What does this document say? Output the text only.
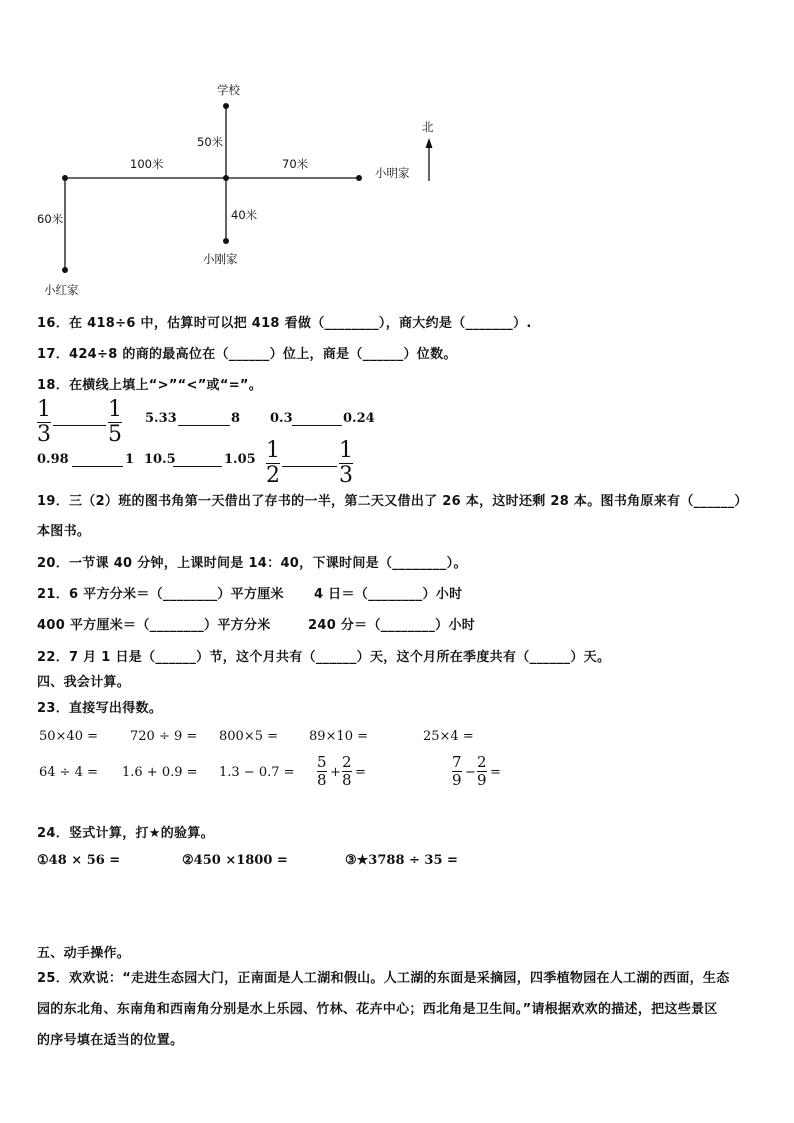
学校
50米
100米	70米
小明家
北
40米
小刚家
60米
小红家
16．在 418÷6 中，估算时可以把 418 看做（________），商大约是（_______）.
17．424÷8 的商的最高位在（______）位上，商是（______）位数。
18．在横线上填上“>”“<”或“=”。
1
3
1
5
5.33	8 0.3	0.24
0.98	1 10.5	1.05 1
2
1
3
19．三（2）班的图书角第一天借出了存书的一半，第二天又借出了 26 本，这时还剩 28 本。图书角原来有（______）
本图书。
20．一节课 40 分钟，上课时间是 14：40，下课时间是（________）。
21．6 平方分米＝（________）平方厘米 4 日＝（________）小时
400 平方厘米＝（________）平方分米	240 分＝（________）小时
22．7 月 1 日是（______）节，这个月共有（______）天，这个月所在季度共有（______）天。
四、我会计算。
23．直接写出得数。
50×40 = 720 ÷ 9 = 800×5 = 89×10 =	25×4 =
64 ÷ 4 = 1.6 + 0.9 = 1.3 − 0.7 =
5
8 +
2
8 =
7
9 −
2
9 =
24．竖式计算，打★的验算。
①48 × 56 =	②450 ×1800 =	③★3788 ÷ 35 =
五、动手操作。
25．欢欢说：“走进生态园大门，正南面是人工湖和假山。人工湖的东面是采摘园，四季植物园在人工湖的西面，生态
园的东北角、东南角和西南角分别是水上乐园、竹林、花卉中心；西北角是卫生间。”请根据欢欢的描述，把这些景区
的序号填在适当的位置。
